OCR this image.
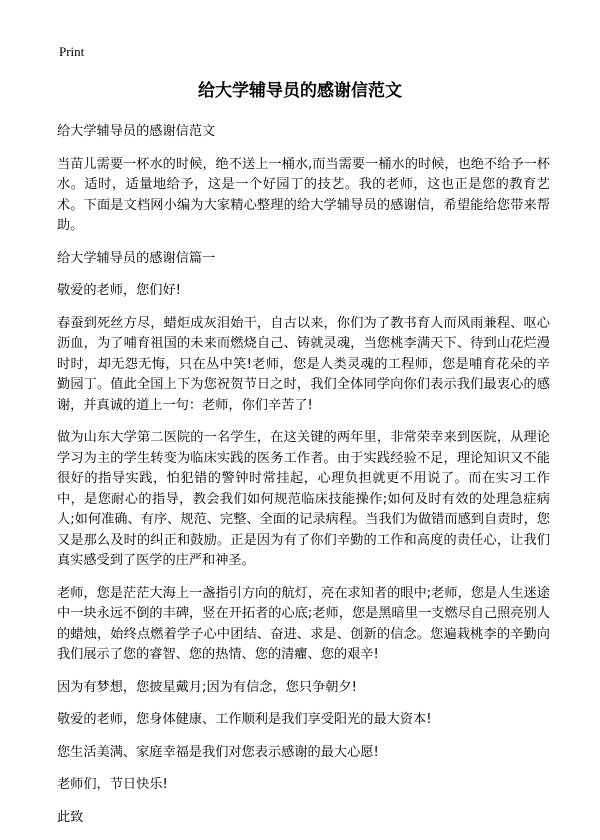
Print
给大学辅导员的感谢信范文

给大学辅导员的感谢信范文

当苗儿需要一杯水的时候，绝不送上一桶水,而当需要一桶水的时候，也绝不给予一杯水。适时，适量地给予，这是一个好园丁的技艺。我的老师，这也正是您的教育艺术。下面是文档网小编为大家精心整理的给大学辅导员的感谢信，希望能给您带来帮助。

给大学辅导员的感谢信篇一

敬爱的老师，您们好!

春蚕到死丝方尽，蜡炬成灰泪始干，自古以来，你们为了教书育人而风雨兼程、呕心沥血，为了哺育祖国的未来而燃烧自己、铸就灵魂，当您桃李满天下、待到山花烂漫时时，却无怨无悔，只在丛中笑!老师，您是人类灵魂的工程师，您是哺育花朵的辛勤园丁。值此全国上下为您祝贺节日之时，我们全体同学向你们表示我们最衷心的感谢，并真诚的道上一句：老师，你们辛苦了!

做为山东大学第二医院的一名学生，在这关键的两年里，非常荣幸来到医院，从理论学习为主的学生转变为临床实践的医务工作者。由于实践经验不足，理论知识又不能很好的指导实践，怕犯错的警钟时常挂起，心理负担就更不用说了。而在实习工作中，是您耐心的指导，教会我们如何规范临床技能操作;如何及时有效的处理急症病人;如何准确、有序、规范、完整、全面的记录病程。当我们为做错而感到自责时，您又是那么及时的纠正和鼓励。正是因为有了你们辛勤的工作和高度的责任心，让我们真实感受到了医学的庄严和神圣。

老师，您是茫茫大海上一盏指引方向的航灯，亮在求知者的眼中;老师，您是人生迷途中一块永远不倒的丰碑，竖在开拓者的心底;老师，您是黑暗里一支燃尽自己照亮别人的蜡烛，始终点燃着学子心中团结、奋进、求是、创新的信念。您遍栽桃李的辛勤向我们展示了您的睿智、您的热情、您的清癯、您的艰辛!

因为有梦想，您披星戴月;因为有信念，您只争朝夕!

敬爱的老师，您身体健康、工作顺利是我们享受阳光的最大资本!

您生活美满、家庭幸福是我们对您表示感谢的最大心愿!

老师们，节日快乐!

此致
